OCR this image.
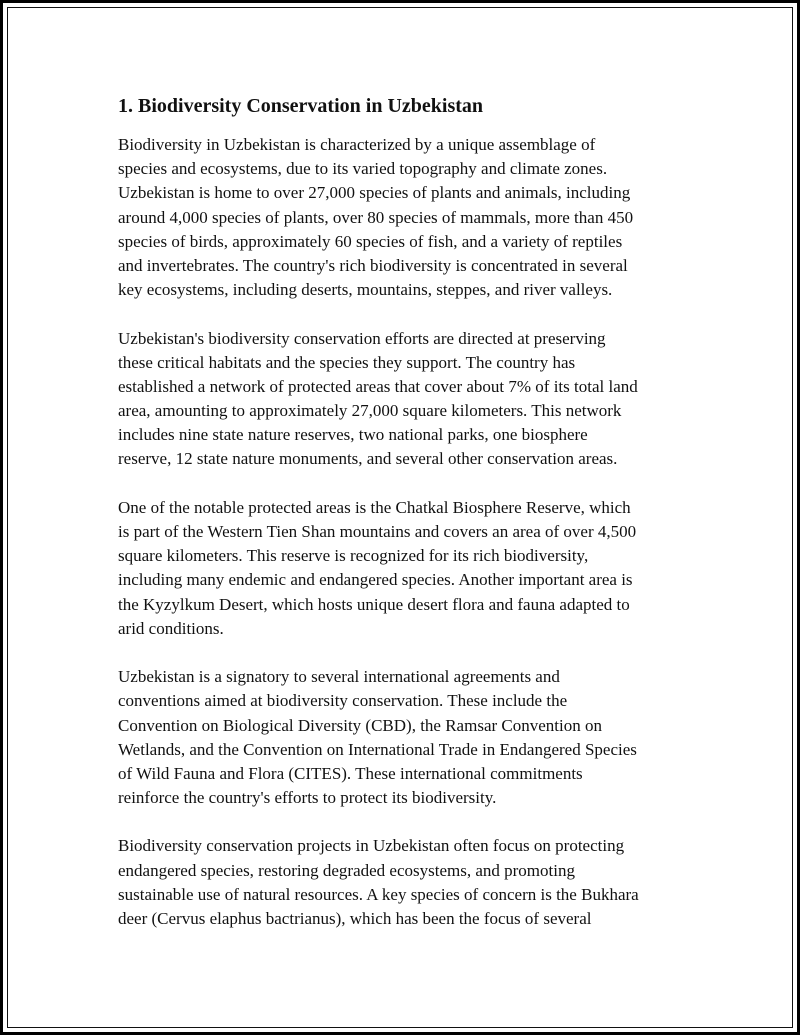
1. Biodiversity Conservation in Uzbekistan
Biodiversity in Uzbekistan is characterized by a unique assemblage of
species and ecosystems, due to its varied topography and climate zones.
Uzbekistan is home to over 27,000 species of plants and animals, including
around 4,000 species of plants, over 80 species of mammals, more than 450
species of birds, approximately 60 species of fish, and a variety of reptiles
and invertebrates. The country's rich biodiversity is concentrated in several
key ecosystems, including deserts, mountains, steppes, and river valleys.
Uzbekistan's biodiversity conservation efforts are directed at preserving
these critical habitats and the species they support. The country has
established a network of protected areas that cover about 7% of its total land
area, amounting to approximately 27,000 square kilometers. This network
includes nine state nature reserves, two national parks, one biosphere
reserve, 12 state nature monuments, and several other conservation areas.
One of the notable protected areas is the Chatkal Biosphere Reserve, which
is part of the Western Tien Shan mountains and covers an area of over 4,500
square kilometers. This reserve is recognized for its rich biodiversity,
including many endemic and endangered species. Another important area is
the Kyzylkum Desert, which hosts unique desert flora and fauna adapted to
arid conditions.
Uzbekistan is a signatory to several international agreements and
conventions aimed at biodiversity conservation. These include the
Convention on Biological Diversity (CBD), the Ramsar Convention on
Wetlands, and the Convention on International Trade in Endangered Species
of Wild Fauna and Flora (CITES). These international commitments
reinforce the country's efforts to protect its biodiversity.
Biodiversity conservation projects in Uzbekistan often focus on protecting
endangered species, restoring degraded ecosystems, and promoting
sustainable use of natural resources. A key species of concern is the Bukhara
deer (Cervus elaphus bactrianus), which has been the focus of several
